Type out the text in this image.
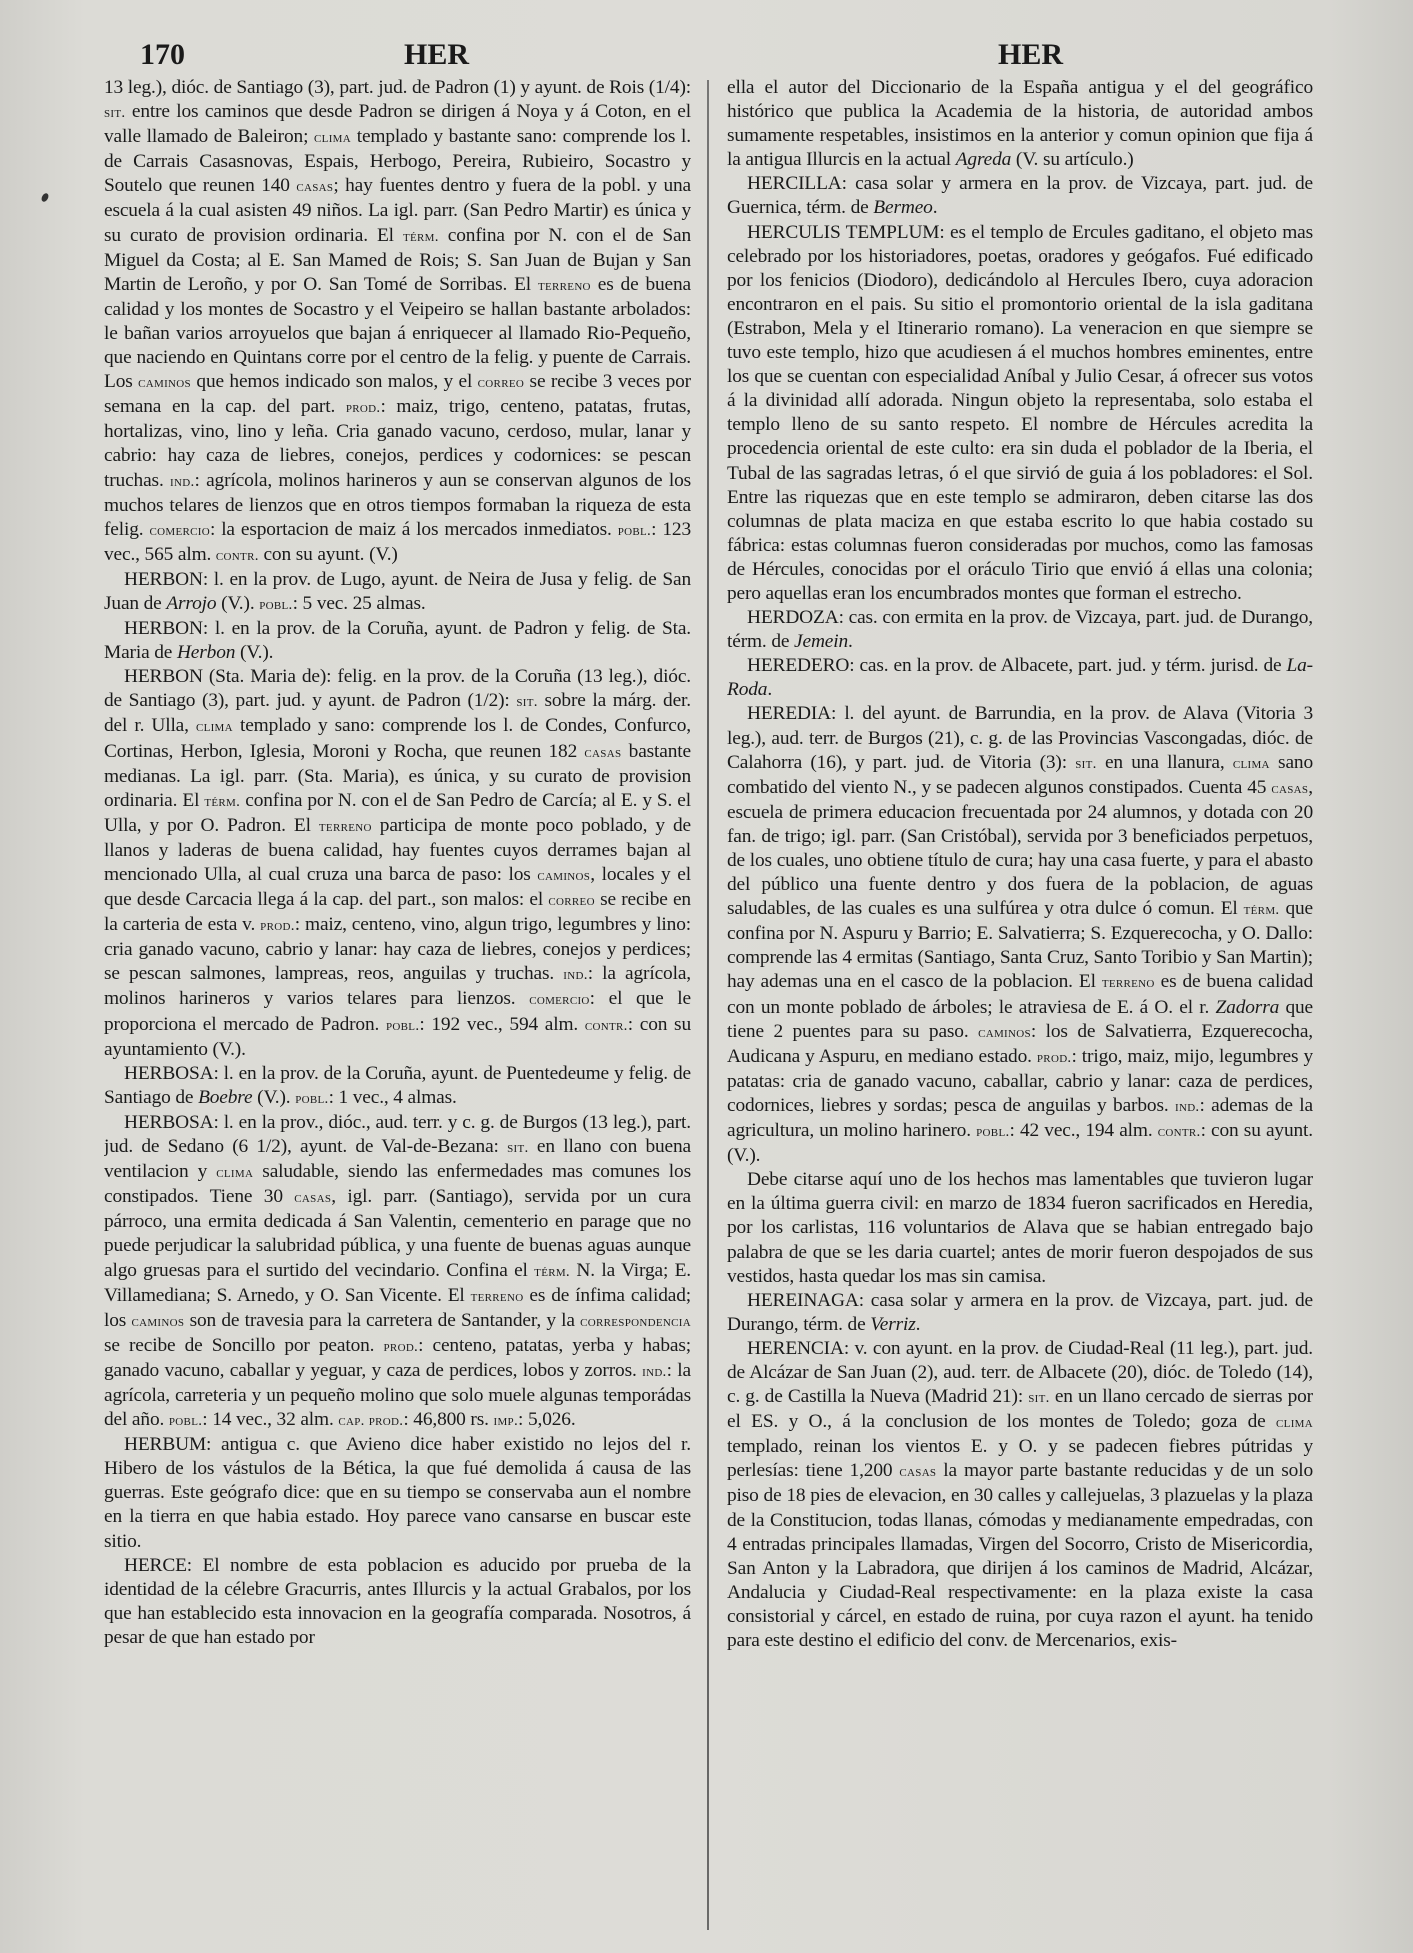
170	HER	HER

13 leg.), dióc. de Santiago (3), part. jud. de Padron (1) y ayunt. de Rois (1/4): sit. entre los caminos que desde Padron se dirigen á Noya y á Coton, en el valle llamado de Baleiron; clima templado y bastante sano: comprende los l. de Carrais Casasnovas, Espais, Herbogo, Pereira, Rubieiro, Socastro y Soutelo que reunen 140 casas; hay fuentes dentro y fuera de la pobl. y una escuela á la cual asisten 49 niños. La igl. parr. (San Pedro Martir) es única y su curato de provision ordinaria. El térm. confina por N. con el de San Miguel da Costa; al E. San Mamed de Rois; S. San Juan de Bujan y San Martin de Leroño, y por O. San Tomé de Sorribas. El terreno es de buena calidad y los montes de Socastro y el Veipeiro se hallan bastante arbolados: le bañan varios arroyuelos que bajan á enriquecer al llamado Rio-Pequeño, que naciendo en Quintans corre por el centro de la felig. y puente de Carrais. Los caminos que hemos indicado son malos, y el correo se recibe 3 veces por semana en la cap. del part. prod.: maiz, trigo, centeno, patatas, frutas, hortalizas, vino, lino y leña. Cria ganado vacuno, cerdoso, mular, lanar y cabrio: hay caza de liebres, conejos, perdices y codornices: se pescan truchas. ind.: agrícola, molinos harineros y aun se conservan algunos de los muchos telares de lienzos que en otros tiempos formaban la riqueza de esta felig. comercio: la esportacion de maiz á los mercados inmediatos. pobl.: 123 vec., 565 alm. contr. con su ayunt. (V.)

HERBON: l. en la prov. de Lugo, ayunt. de Neira de Jusa y felig. de San Juan de Arrojo (V.). pobl.: 5 vec. 25 almas.

HERBON: l. en la prov. de la Coruña, ayunt. de Padron y felig. de Sta. Maria de Herbon (V.).

HERBON (Sta. Maria de): felig. en la prov. de la Coruña (13 leg.), dióc. de Santiago (3), part. jud. y ayunt. de Padron (1/2): sit. sobre la márg. der. del r. Ulla, clima templado y sano: comprende los l. de Condes, Confurco, Cortinas, Herbon, Iglesia, Moroni y Rocha, que reunen 182 casas bastante medianas. La igl. parr. (Sta. Maria), es única, y su curato de provision ordinaria. El térm. confina por N. con el de San Pedro de Carcía; al E. y S. el Ulla, y por O. Padron. El terreno participa de monte poco poblado, y de llanos y laderas de buena calidad, hay fuentes cuyos derrames bajan al mencionado Ulla, al cual cruza una barca de paso: los caminos, locales y el que desde Carcacia llega á la cap. del part., son malos: el correo se recibe en la carteria de esta v. prod.: maiz, centeno, vino, algun trigo, legumbres y lino: cria ganado vacuno, cabrio y lanar: hay caza de liebres, conejos y perdices; se pescan salmones, lampreas, reos, anguilas y truchas. ind.: la agrícola, molinos harineros y varios telares para lienzos. comercio: el que le proporciona el mercado de Padron. pobl.: 192 vec., 594 alm. contr.: con su ayuntamiento (V.).

HERBOSA: l. en la prov. de la Coruña, ayunt. de Puentedeume y felig. de Santiago de Boebre (V.). pobl.: 1 vec., 4 almas.

HERBOSA: l. en la prov., dióc., aud. terr. y c. g. de Burgos (13 leg.), part. jud. de Sedano (6 1/2), ayunt. de Val-de-Bezana: sit. en llano con buena ventilacion y clima saludable, siendo las enfermedades mas comunes los constipados. Tiene 30 casas, igl. parr. (Santiago), servida por un cura párroco, una ermita dedicada á San Valentin, cementerio en parage que no puede perjudicar la salubridad pública, y una fuente de buenas aguas aunque algo gruesas para el surtido del vecindario. Confina el térm. N. la Virga; E. Villamediana; S. Arnedo, y O. San Vicente. El terreno es de ínfima calidad; los caminos son de travesia para la carretera de Santander, y la correspondencia se recibe de Soncillo por peaton. prod.: centeno, patatas, yerba y habas; ganado vacuno, caballar y yeguar, y caza de perdices, lobos y zorros. ind.: la agrícola, carreteria y un pequeño molino que solo muele algunas temporádas del año. pobl.: 14 vec., 32 alm. cap. prod.: 46,800 rs. imp.: 5,026.

HERBUM: antigua c. que Avieno dice haber existido no lejos del r. Hibero de los vástulos de la Bética, la que fué demolida á causa de las guerras. Este geógrafo dice: que en su tiempo se conservaba aun el nombre en la tierra en que habia estado. Hoy parece vano cansarse en buscar este sitio.

HERCE: El nombre de esta poblacion es aducido por prueba de la identidad de la célebre Gracurris, antes Illurcis y la actual Grabalos, por los que han establecido esta innovacion en la geografía comparada. Nosotros, á pesar de que han estado por

ella el autor del Diccionario de la España antigua y el del geográfico histórico que publica la Academia de la historia, de autoridad ambos sumamente respetables, insistimos en la anterior y comun opinion que fija á la antigua Illurcis en la actual Agreda (V. su artículo.)

HERCILLA: casa solar y armera en la prov. de Vizcaya, part. jud. de Guernica, térm. de Bermeo.

HERCULIS TEMPLUM: es el templo de Ercules gaditano, el objeto mas celebrado por los historiadores, poetas, oradores y geógafos. Fué edificado por los fenicios (Diodoro), dedicándolo al Hercules Ibero, cuya adoracion encontraron en el pais. Su sitio el promontorio oriental de la isla gaditana (Estrabon, Mela y el Itinerario romano). La veneracion en que siempre se tuvo este templo, hizo que acudiesen á el muchos hombres eminentes, entre los que se cuentan con especialidad Aníbal y Julio Cesar, á ofrecer sus votos á la divinidad allí adorada. Ningun objeto la representaba, solo estaba el templo lleno de su santo respeto. El nombre de Hércules acredita la procedencia oriental de este culto: era sin duda el poblador de la Iberia, el Tubal de las sagradas letras, ó el que sirvió de guia á los pobladores: el Sol. Entre las riquezas que en este templo se admiraron, deben citarse las dos columnas de plata maciza en que estaba escrito lo que habia costado su fábrica: estas columnas fueron consideradas por muchos, como las famosas de Hércules, conocidas por el oráculo Tirio que envió á ellas una colonia; pero aquellas eran los encumbrados montes que forman el estrecho.

HERDOZA: cas. con ermita en la prov. de Vizcaya, part. jud. de Durango, térm. de Jemein.

HEREDERO: cas. en la prov. de Albacete, part. jud. y térm. jurisd. de La-Roda.

HEREDIA: l. del ayunt. de Barrundia, en la prov. de Alava (Vitoria 3 leg.), aud. terr. de Burgos (21), c. g. de las Provincias Vascongadas, dióc. de Calahorra (16), y part. jud. de Vitoria (3): sit. en una llanura, clima sano combatido del viento N., y se padecen algunos constipados. Cuenta 45 casas, escuela de primera educacion frecuentada por 24 alumnos, y dotada con 20 fan. de trigo; igl. parr. (San Cristóbal), servida por 3 beneficiados perpetuos, de los cuales, uno obtiene título de cura; hay una casa fuerte, y para el abasto del público una fuente dentro y dos fuera de la poblacion, de aguas saludables, de las cuales es una sulfúrea y otra dulce ó comun. El térm. que confina por N. Aspuru y Barrio; E. Salvatierra; S. Ezquerecocha, y O. Dallo: comprende las 4 ermitas (Santiago, Santa Cruz, Santo Toribio y San Martin); hay ademas una en el casco de la poblacion. El terreno es de buena calidad con un monte poblado de árboles; le atraviesa de E. á O. el r. Zadorra que tiene 2 puentes para su paso. caminos: los de Salvatierra, Ezquerecocha, Audicana y Aspuru, en mediano estado. prod.: trigo, maiz, mijo, legumbres y patatas: cria de ganado vacuno, caballar, cabrio y lanar: caza de perdices, codornices, liebres y sordas; pesca de anguilas y barbos. ind.: ademas de la agricultura, un molino harinero. pobl.: 42 vec., 194 alm. contr.: con su ayunt. (V.).

Debe citarse aquí uno de los hechos mas lamentables que tuvieron lugar en la última guerra civil: en marzo de 1834 fueron sacrificados en Heredia, por los carlistas, 116 voluntarios de Alava que se habian entregado bajo palabra de que se les daria cuartel; antes de morir fueron despojados de sus vestidos, hasta quedar los mas sin camisa.

HEREINAGA: casa solar y armera en la prov. de Vizcaya, part. jud. de Durango, térm. de Verriz.

HERENCIA: v. con ayunt. en la prov. de Ciudad-Real (11 leg.), part. jud. de Alcázar de San Juan (2), aud. terr. de Albacete (20), dióc. de Toledo (14), c. g. de Castilla la Nueva (Madrid 21): sit. en un llano cercado de sierras por el ES. y O., á la conclusion de los montes de Toledo; goza de clima templado, reinan los vientos E. y O. y se padecen fiebres pútridas y perlesías: tiene 1,200 casas la mayor parte bastante reducidas y de un solo piso de 18 pies de elevacion, en 30 calles y callejuelas, 3 plazuelas y la plaza de la Constitucion, todas llanas, cómodas y medianamente empedradas, con 4 entradas principales llamadas, Virgen del Socorro, Cristo de Misericordia, San Anton y la Labradora, que dirijen á los caminos de Madrid, Alcázar, Andalucia y Ciudad-Real respectivamente: en la plaza existe la casa consistorial y cárcel, en estado de ruina, por cuya razon el ayunt. ha tenido para este destino el edificio del conv. de Mercenarios, exis-
